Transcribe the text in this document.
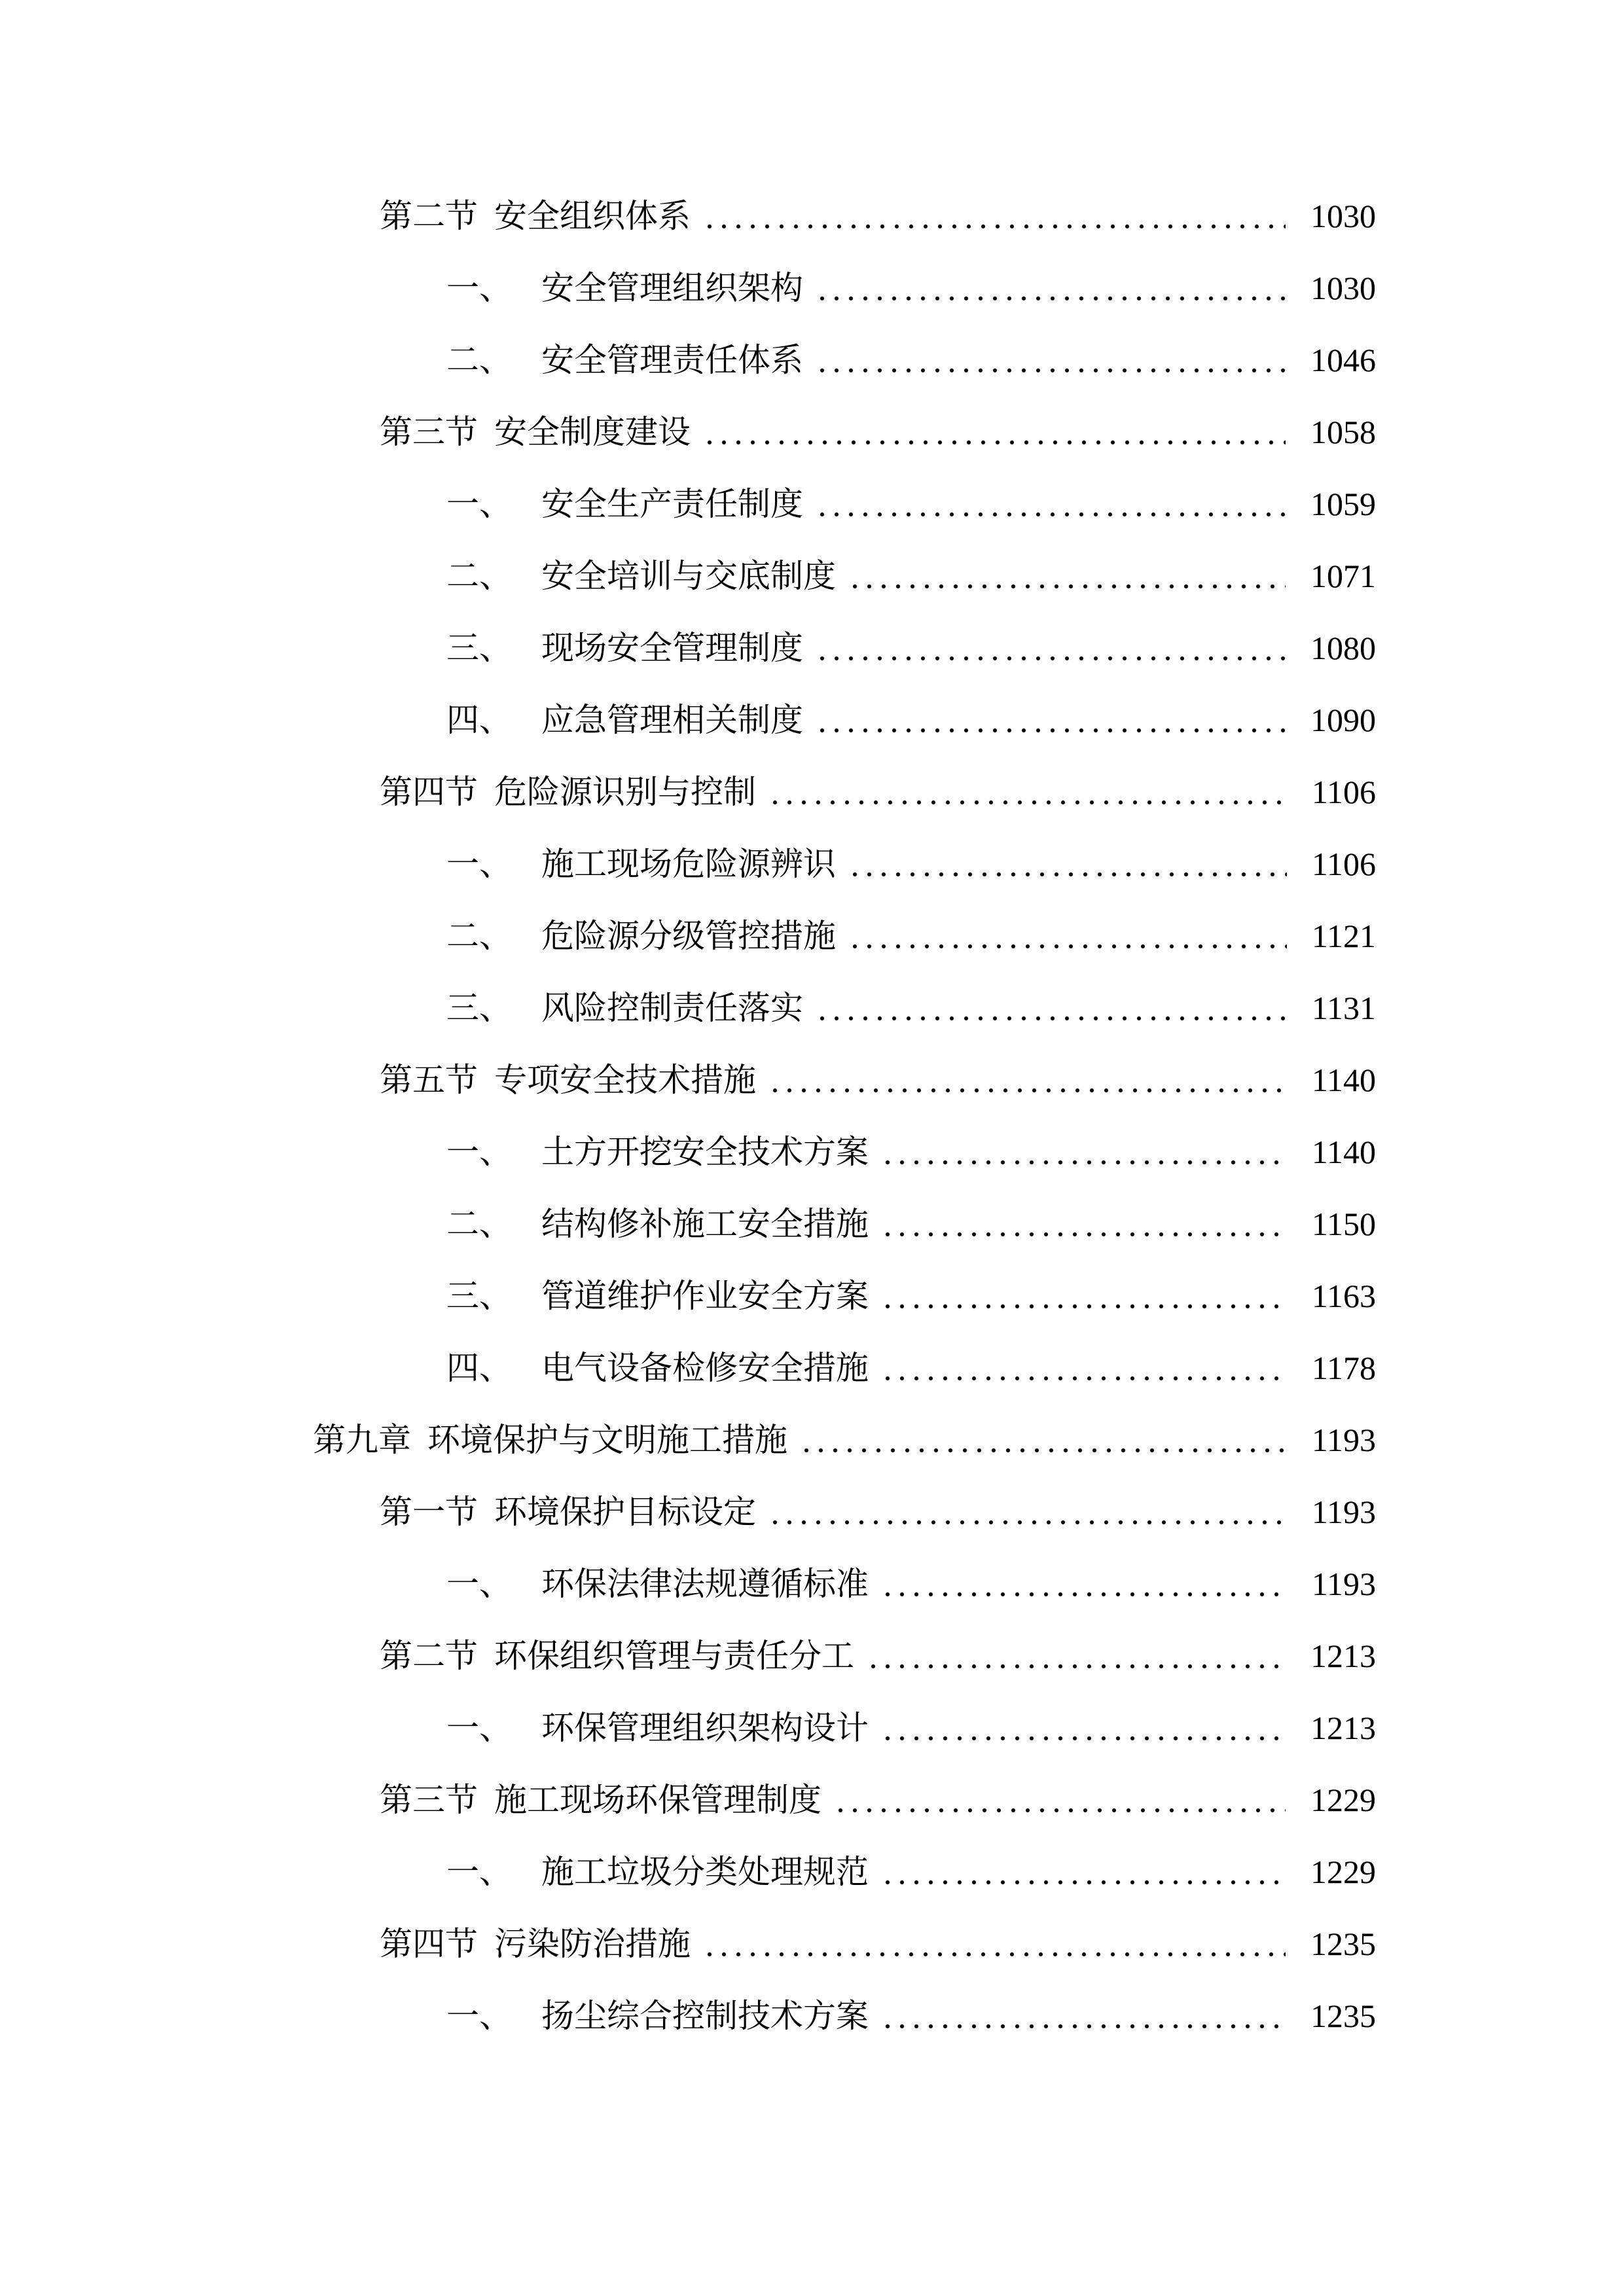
第二节 安全组织体系	1030
一、 安全管理组织架构	1030
二、 安全管理责任体系	1046
第三节 安全制度建设	1058
一、 安全生产责任制度	1059
二、 安全培训与交底制度	1071
三、 现场安全管理制度	1080
四、 应急管理相关制度	1090
第四节 危险源识别与控制	1106
一、 施工现场危险源辨识	1106
二、 危险源分级管控措施	1121
三、 风险控制责任落实	1131
第五节 专项安全技术措施	1140
一、 土方开挖安全技术方案	1140
二、 结构修补施工安全措施	1150
三、 管道维护作业安全方案	1163
四、 电气设备检修安全措施	1178
第九章 环境保护与文明施工措施	1193
第一节 环境保护目标设定	1193
一、 环保法律法规遵循标准	1193
第二节 环保组织管理与责任分工	1213
一、 环保管理组织架构设计	1213
第三节 施工现场环保管理制度	1229
一、 施工垃圾分类处理规范	1229
第四节 污染防治措施	1235
一、 扬尘综合控制技术方案	1235
